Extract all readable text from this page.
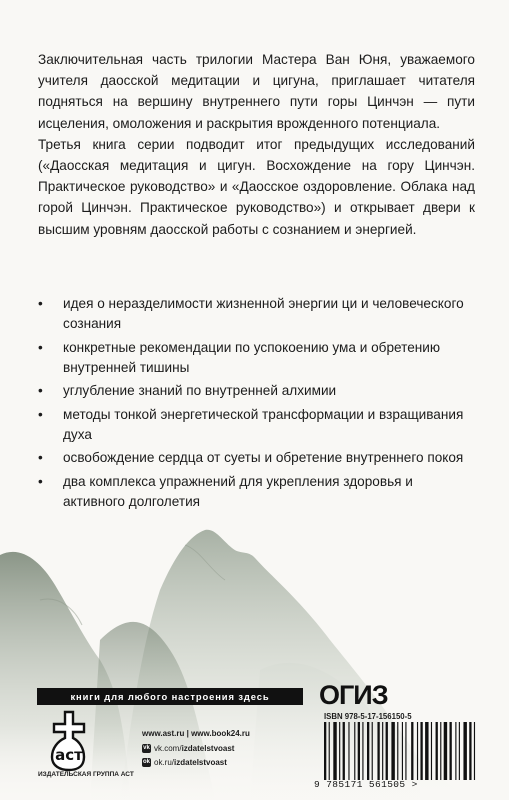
Заключительная часть трилогии Мастера Ван Юня, уважаемого учителя даосской медитации и цигуна, приглашает читателя подняться на вершину внутреннего пути горы Цинчэн — пути исцеления, омоложения и раскрытия врожденного потенциала.

Третья книга серии подводит итог предыдущих исследований («Даосская медитация и цигун. Восхождение на гору Цинчэн. Практическое руководство» и «Даосское оздоровление. Облака над горой Цинчэн. Практическое руководство») и открывает двери к высшим уровням даосской работы с сознанием и энергией.

• идея о неразделимости жизненной энергии ци и человеческого сознания
• конкретные рекомендации по успокоению ума и обретению внутренней тишины
• углубление знаний по внутренней алхимии
• методы тонкой энергетической трансформации и взращивания духа
• освобождение сердца от суеты и обретение внутреннего покоя
• два комплекса упражнений для укрепления здоровья и активного долголетия
книги для любого настроения здесь	ОГИЗ
аст
ИЗДАТЕЛЬСКАЯ ГРУППА АСТ
www.ast.ru | www.book24.ru
vk vk.com/izdatelstvoast
ok ok.ru/izdatelstvoast
ISBN 978-5-17-156150-5
9 785171 561505 >
